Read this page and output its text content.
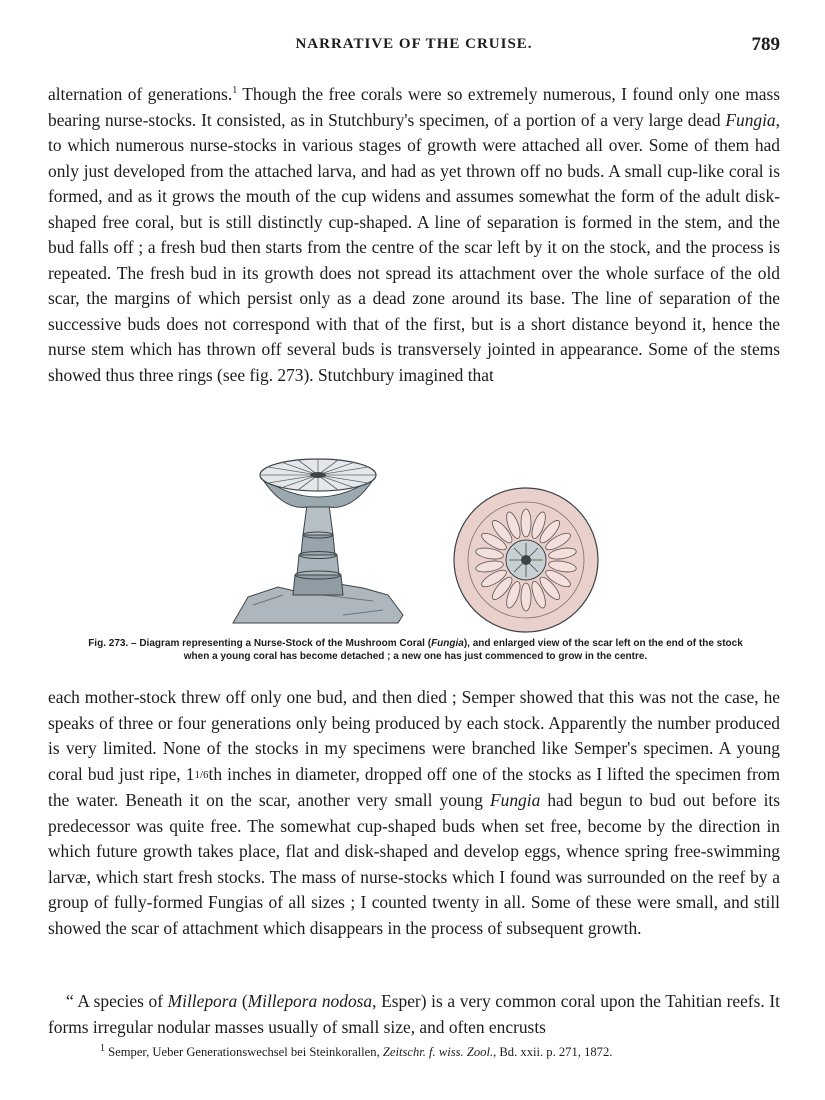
NARRATIVE OF THE CRUISE.	789
alternation of generations.$^1$ Though the free corals were so extremely numerous, I found only one mass bearing nurse-stocks. It consisted, as in Stutchbury's specimen, of a portion of a very large dead Fungia, to which numerous nurse-stocks in various stages of growth were attached all over. Some of them had only just developed from the attached larva, and had as yet thrown off no buds. A small cup-like coral is formed, and as it grows the mouth of the cup widens and assumes somewhat the form of the adult disk-shaped free coral, but is still distinctly cup-shaped. A line of separation is formed in the stem, and the bud falls off ; a fresh bud then starts from the centre of the scar left by it on the stock, and the process is repeated. The fresh bud in its growth does not spread its attachment over the whole surface of the old scar, the margins of which persist only as a dead zone around its base. The line of separation of the successive buds does not correspond with that of the first, but is a short distance beyond it, hence the nurse stem which has thrown off several buds is transversely jointed in appearance. Some of the stems showed thus three rings (see fig. 273). Stutchbury imagined that
Fig. 273. – Diagram representing a Nurse-Stock of the Mushroom Coral (Fungia), and enlarged view of the scar left on the end of the stock when a young coral has become detached ; a new one has just commenced to grow in the centre.
each mother-stock threw off only one bud, and then died ; Semper showed that this was not the case, he speaks of three or four generations only being produced by each stock. Apparently the number produced is very limited. None of the stocks in my specimens were branched like Semper's specimen. A young coral bud just ripe, 11/6th inches in diameter, dropped off one of the stocks as I lifted the specimen from the water. Beneath it on the scar, another very small young Fungia had begun to bud out before its predecessor was quite free. The somewhat cup-shaped buds when set free, become by the direction in which future growth takes place, flat and disk-shaped and develop eggs, whence spring free-swimming larvæ, which start fresh stocks. The mass of nurse-stocks which I found was surrounded on the reef by a group of fully-formed Fungias of all sizes ; I counted twenty in all. Some of these were small, and still showed the scar of attachment which disappears in the process of subsequent growth.
“ A species of Millepora (Millepora nodosa, Esper) is a very common coral upon the Tahitian reefs. It forms irregular nodular masses usually of small size, and often encrusts
$^1$ Semper, Ueber Generationswechsel bei Steinkorallen, Zeitschr. f. wiss. Zool., Bd. xxii. p. 271, 1872.
